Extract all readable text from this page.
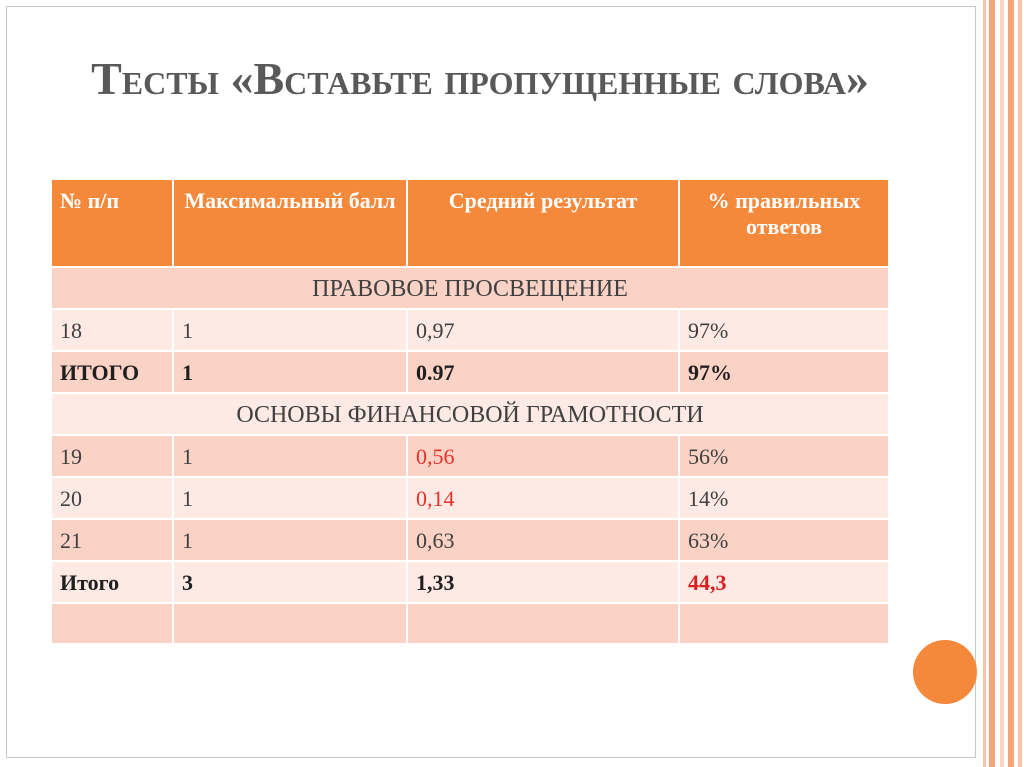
Тесты «Вставьте пропущенные слова»
№ п/п	Максимальный балл	Средний результат	% правильных ответов
ПРАВОВОЕ ПРОСВЕЩЕНИЕ			
18	1	0,97	97%
ИТОГО	1	0.97	97%
ОСНОВЫ ФИНАНСОВОЙ ГРАМОТНОСТИ			
19	1	0,56	56%
20	1	0,14	14%
21	1	0,63	63%
Итого	3	1,33	44,3
